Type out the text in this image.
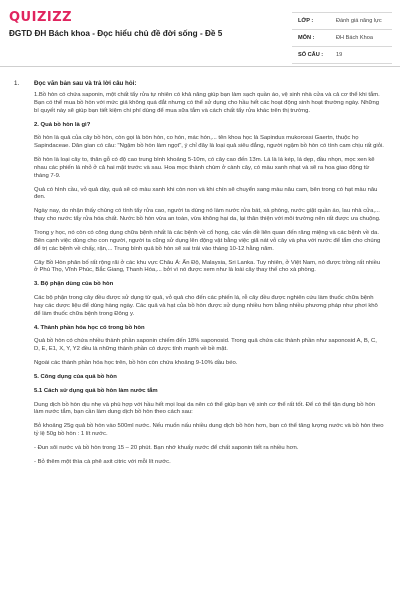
QUIZIZZ
ĐGTD ĐH Bách khoa - Đọc hiểu chủ đề đời sống - Đề 5
LỚP :	Đánh giá năng lực
MÔN :	ĐH Bách Khoa
SỐ CÂU :	19
1. Đọc văn bản sau và trả lời câu hỏi:

1.Bồ hòn có chứa saponin, một chất tẩy rửa tự nhiên có khả năng giúp bạn làm sạch quần áo, vệ sinh nhà cửa và cả cơ thể khi tắm. Bạn có thể mua bồ hòn với mức giá không quá đắt nhưng có thể sử dụng cho hầu hết các hoạt động sinh hoạt thường ngày. Những bí quyết này sẽ giúp bạn tiết kiệm chi phí dùng để mua sữa tắm và cách chất tẩy rửa khác trên thị trường.

2. Quả bồ hòn là gì?

Bồ hòn là quả của cây bồ hòn, còn gọi là bòn hòn, co hón, mác hón,... tên khoa học là Sapindus mukorossi Gaertn, thuộc họ Sapindaceae. Dân gian có câu: "Ngậm bồ hòn làm ngọt", ý chỉ đây là loại quả siêu đắng, người ngậm bồ hòn có tính cam chịu rất giỏi.

Bồ hòn là loại cây to, thân gỗ có độ cao trung bình khoảng 5-10m, có cây cao đến 13m. Lá là lá kép, lá dẹp, đầu nhọn, mọc xen kẽ nhau các phiến lá nhỏ ở cả hai mặt trước và sau. Hoa mọc thành chùm ở cành cây, có màu xanh nhạt và sẽ ra hoa giao động từ tháng 7-9.

Quả có hình cầu, vỏ quả dày, quả sẽ có màu xanh khi còn non và khi chín sẽ chuyển sang màu nâu cam, bên trong có hạt màu nâu đen.

Ngày nay, do nhận thấy chúng có tính tẩy rửa cao, người ta dùng nó làm nước rửa bát, xà phòng, nước giặt quần áo, lau nhà cửa,... thay cho nước tẩy rửa hóa chất. Nước bồ hòn vừa an toàn, vừa không hại da, lại thân thiện với môi trường nên rất được ưa chuộng.

Trong y học, nó còn có công dụng chữa bệnh nhất là các bệnh về cổ họng, các vấn đề liên quan đến răng miệng và các bệnh về da. Bên cạnh việc dùng cho con người, người ta cũng sử dụng lên động vật bằng việc giã nát vỏ cây và pha với nước để tắm cho chúng để trị các bệnh về chấy, rận,... Trung bình quả bồ hòn sẽ sai trái vào tháng 10-12 hằng năm.

Cây Bồ Hòn phân bố rất rộng rãi ở các khu vực Châu Á: Ấn Độ, Malaysia, Sri Lanka. Tuy nhiên, ở Việt Nam, nó được trồng rất nhiều ở Phú Thọ, Vĩnh Phúc, Bắc Giang, Thanh Hóa,... bởi vì nó được xem như là loài cây thay thế cho xà phòng.

3. Bộ phận dùng của bồ hòn

Các bộ phận trong cây đều được sử dụng từ quả, vỏ quả cho đến các phiến lá, rễ cây đều được nghiên cứu làm thuốc chữa bệnh hay các dược liệu để dùng hàng ngày. Các quả và hạt của bồ hòn được sử dụng nhiều hơn bằng nhiều phương pháp như phơi khô để làm thuốc chữa bệnh trong Đông y.

4. Thành phần hóa học có trong bồ hòn

Quả bồ hòn có chứa nhiều thành phần saponin chiếm đến 18% saponosid. Trong quả chứa các thành phần như saponosid A, B, C, D, E, E1, X, Y, Y2 đều là những thành phần có dược tính mạnh về bề mặt.

Ngoài các thành phần hóa học trên, bồ hòn còn chứa khoảng 9-10% dầu béo.

5. Công dụng của quả bồ hòn
5.1 Cách sử dụng quả bồ hòn làm nước tắm

Dung dịch bồ hòn dịu nhẹ và phù hợp với hầu hết mọi loại da nên có thể giúp bạn vệ sinh cơ thể rất tốt. Để có thể tận dụng bồ hòn làm nước tắm, bạn cần làm dung dịch bồ hòn theo cách sau:

Bỏ khoảng 25g quả bồ hòn vào 500ml nước. Nếu muốn nấu nhiều dung dịch bồ hòn hơn, bạn có thể tăng lượng nước và bồ hòn theo tỷ lệ 50g bồ hòn : 1 lít nước.

- Đun sôi nước và bồ hòn trong 15 – 20 phút. Bạn nhớ khuấy nước để chất saponin tiết ra nhiều hơn.

- Bỏ thêm một thìa cà phê axit citric với mỗi lít nước.
